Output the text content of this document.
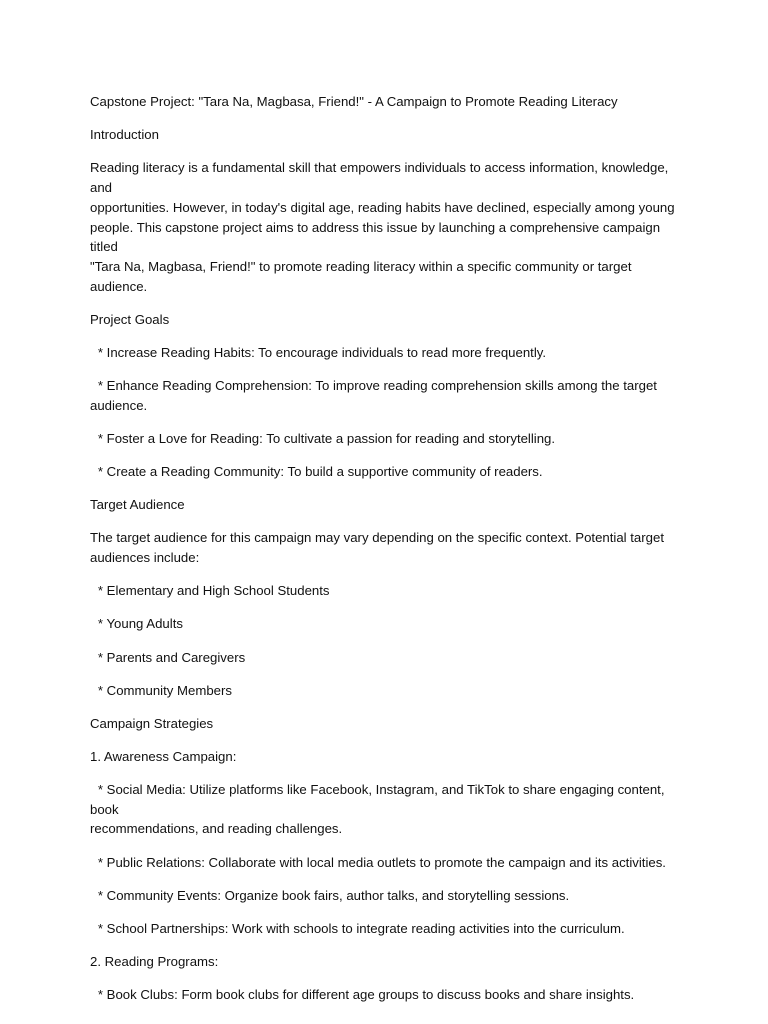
Capstone Project: "Tara Na, Magbasa, Friend!" - A Campaign to Promote Reading Literacy

Introduction

Reading literacy is a fundamental skill that empowers individuals to access information, knowledge, and
opportunities. However, in today's digital age, reading habits have declined, especially among young
people. This capstone project aims to address this issue by launching a comprehensive campaign titled
"Tara Na, Magbasa, Friend!" to promote reading literacy within a specific community or target audience.

Project Goals

* Increase Reading Habits: To encourage individuals to read more frequently.
* Enhance Reading Comprehension: To improve reading comprehension skills among the target
audience.
* Foster a Love for Reading: To cultivate a passion for reading and storytelling.
* Create a Reading Community: To build a supportive community of readers.

Target Audience

The target audience for this campaign may vary depending on the specific context. Potential target
audiences include:

* Elementary and High School Students
* Young Adults
* Parents and Caregivers
* Community Members

Campaign Strategies

1. Awareness Campaign:

* Social Media: Utilize platforms like Facebook, Instagram, and TikTok to share engaging content, book
recommendations, and reading challenges.
* Public Relations: Collaborate with local media outlets to promote the campaign and its activities.
* Community Events: Organize book fairs, author talks, and storytelling sessions.
* School Partnerships: Work with schools to integrate reading activities into the curriculum.

2. Reading Programs:

* Book Clubs: Form book clubs for different age groups to discuss books and share insights.
